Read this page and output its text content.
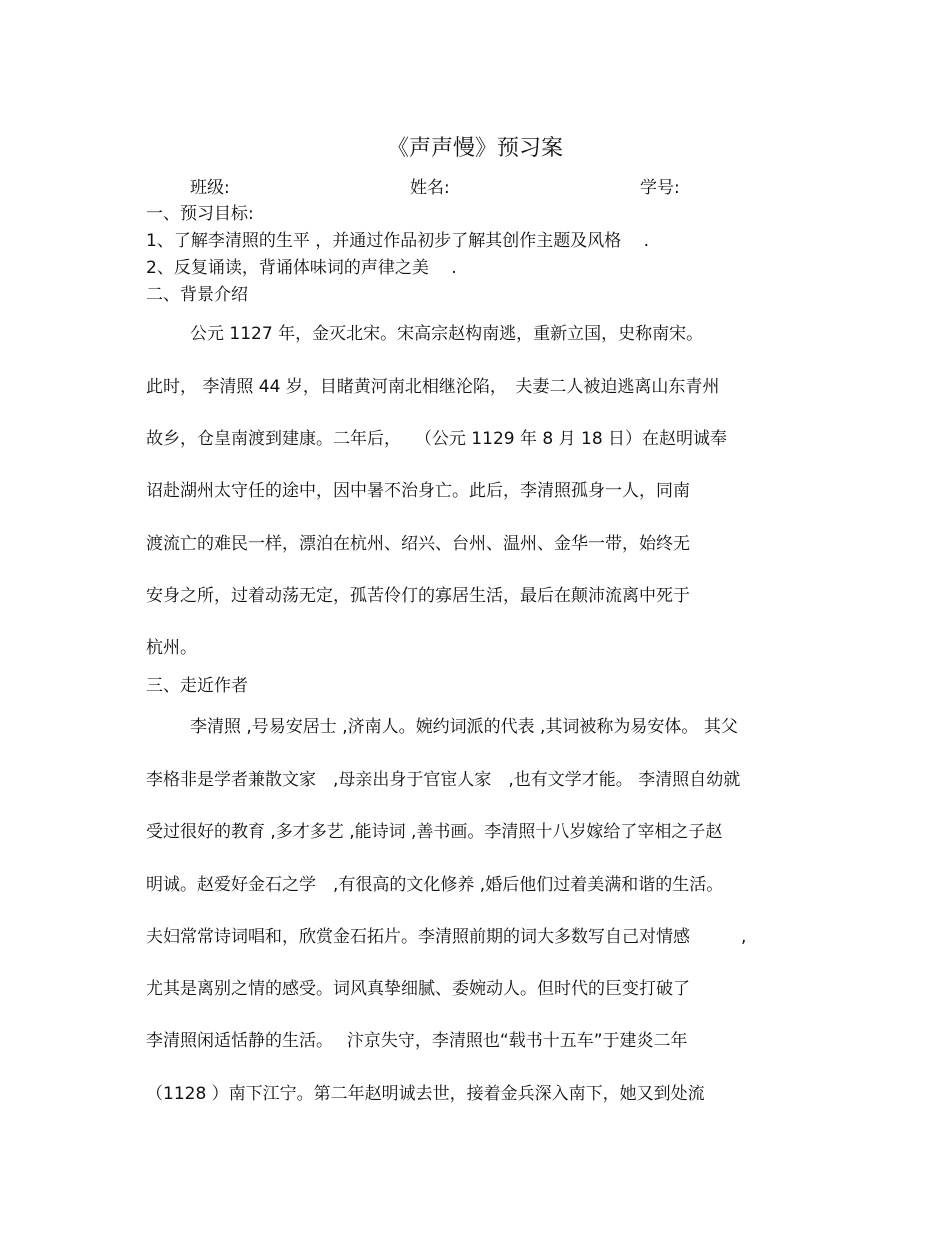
《声声慢》预习案
班级:	姓名:	学号:
一、预习目标:
1、了解李清照的生平 ，并通过作品初步了解其创作主题及风格　 .
2、反复诵读，背诵体味词的声律之美　 .
二、背景介绍
公元 1127 年，金灭北宋。宋高宗赵构南逃，重新立国，史称南宋。
此时， 李清照 44 岁，目睹黄河南北相继沦陷，　夫妻二人被迫逃离山东青州
故乡，仓皇南渡到建康。二年后，　 （公元 1129 年 8 月 18 日）在赵明诚奉
诏赴湖州太守任的途中，因中暑不治身亡。此后，李清照孤身一人，同南
渡流亡的难民一样，漂泊在杭州、绍兴、台州、温州、金华一带，始终无
安身之所，过着动荡无定，孤苦伶仃的寡居生活，最后在颠沛流离中死于
杭州。
三、走近作者
李清照 ,号易安居士 ,济南人。婉约词派的代表 ,其词被称为易安体。 其父
李格非是学者兼散文家　,母亲出身于官宦人家　,也有文学才能。 李清照自幼就
受过很好的教育 ,多才多艺 ,能诗词 ,善书画。李清照十八岁嫁给了宰相之子赵
明诚。赵爱好金石之学　,有很高的文化修养 ,婚后他们过着美满和谐的生活。
夫妇常常诗词唱和，欣赏金石拓片。李清照前期的词大多数写自己对情感　　　,
尤其是离别之情的感受。词风真挚细腻、委婉动人。但时代的巨变打破了
李清照闲适恬静的生活。　 汴京失守，李清照也“载书十五车”于建炎二年
（1128 ）南下江宁。第二年赵明诚去世，接着金兵深入南下，她又到处流
